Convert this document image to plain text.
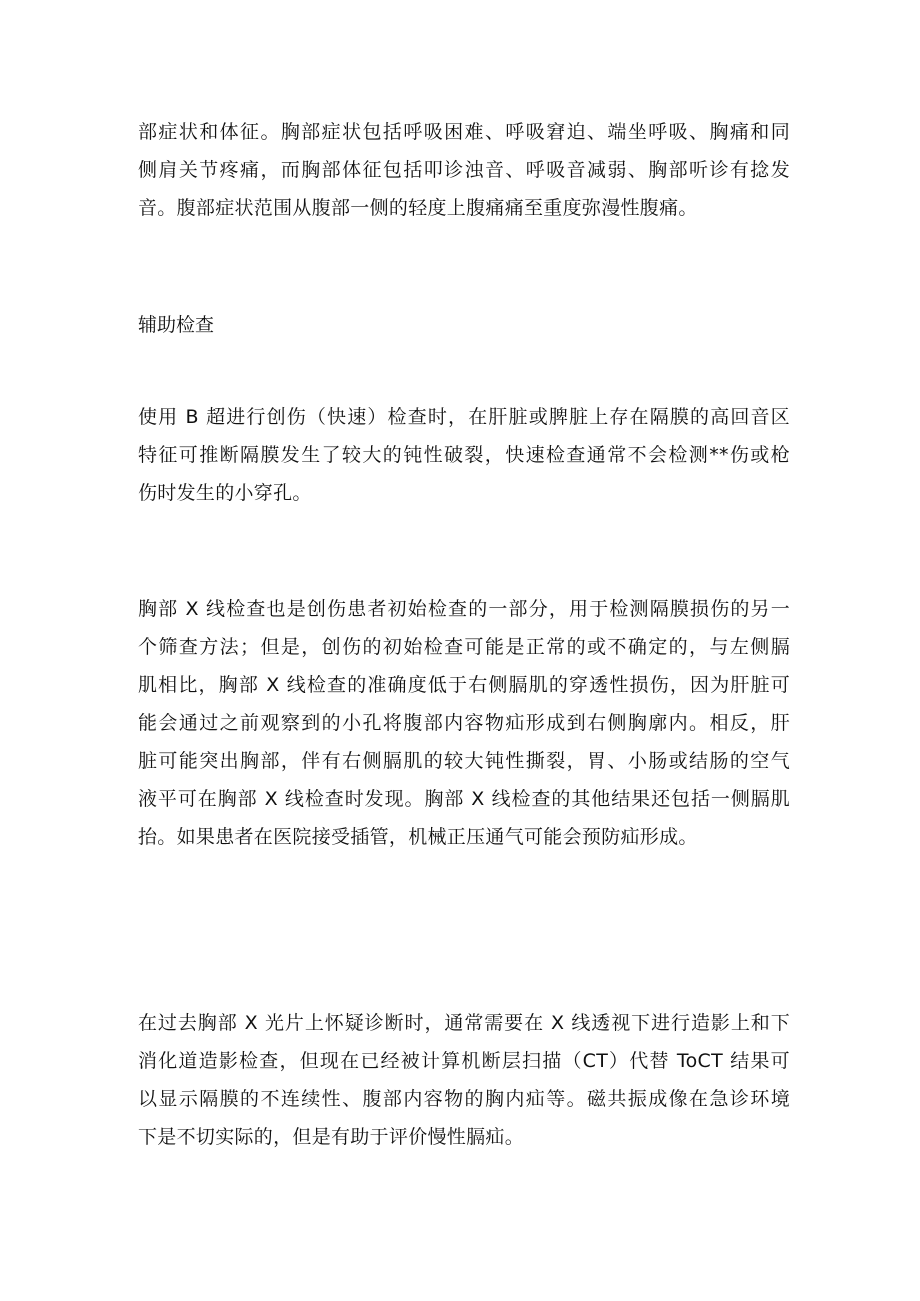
部症状和体征。胸部症状包括呼吸困难、呼吸窘迫、端坐呼吸、胸痛和同
侧肩关节疼痛，而胸部体征包括叩诊浊音、呼吸音减弱、胸部听诊有捻发
音。腹部症状范围从腹部一侧的轻度上腹痛痛至重度弥漫性腹痛。

辅助检查

使用 B 超进行创伤（快速）检查时，在肝脏或脾脏上存在隔膜的高回音区
特征可推断隔膜发生了较大的钝性破裂，快速检查通常不会检测**伤或枪
伤时发生的小穿孔。

胸部 X 线检查也是创伤患者初始检查的一部分，用于检测隔膜损伤的另一
个筛查方法；但是，创伤的初始检查可能是正常的或不确定的，与左侧膈
肌相比，胸部 X 线检查的准确度低于右侧膈肌的穿透性损伤，因为肝脏可
能会通过之前观察到的小孔将腹部内容物疝形成到右侧胸廓内。相反，肝
脏可能突出胸部，伴有右侧膈肌的较大钝性撕裂，胃、小肠或结肠的空气
液平可在胸部 X 线检查时发现。胸部 X 线检查的其他结果还包括一侧膈肌
抬。如果患者在医院接受插管，机械正压通气可能会预防疝形成。

在过去胸部 X 光片上怀疑诊断时，通常需要在 X 线透视下进行造影上和下
消化道造影检查，但现在已经被计算机断层扫描（CT）代替 ToCT 结果可
以显示隔膜的不连续性、腹部内容物的胸内疝等。磁共振成像在急诊环境
下是不切实际的，但是有助于评价慢性膈疝。
